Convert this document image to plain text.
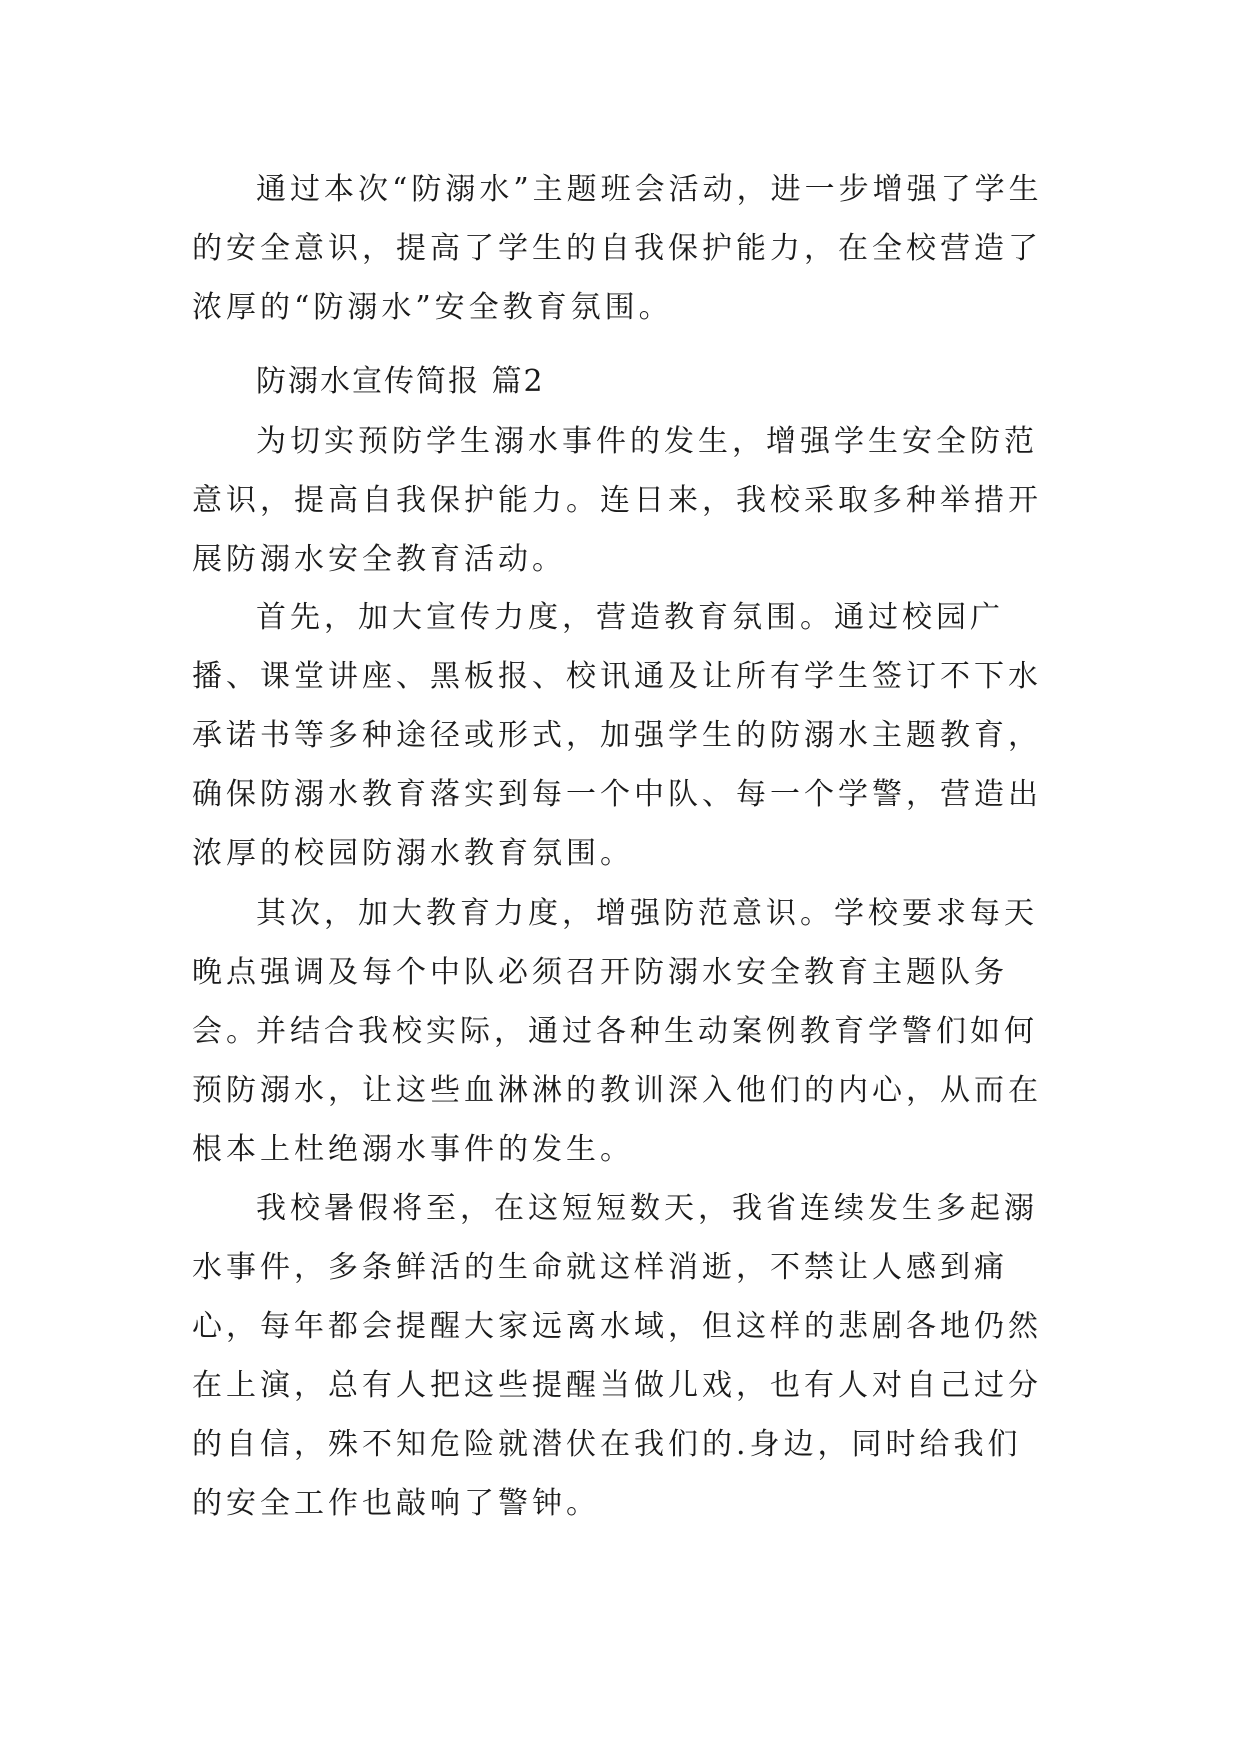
通过本次“防溺水”主题班会活动，进一步增强了学生的安全意识，提高了学生的自我保护能力，在全校营造了浓厚的“防溺水”安全教育氛围。

防溺水宣传简报 篇2

为切实预防学生溺水事件的发生，增强学生安全防范意识，提高自我保护能力。连日来，我校采取多种举措开展防溺水安全教育活动。

首先，加大宣传力度，营造教育氛围。通过校园广播、课堂讲座、黑板报、校讯通及让所有学生签订不下水承诺书等多种途径或形式，加强学生的防溺水主题教育，确保防溺水教育落实到每一个中队、每一个学警，营造出浓厚的校园防溺水教育氛围。

其次，加大教育力度，增强防范意识。学校要求每天晚点强调及每个中队必须召开防溺水安全教育主题队务会。

并结合我校实际，通过各种生动案例教育学警们如何预防溺水，让这些血淋淋的教训深入他们的内心，从而在根本上杜绝溺水事件的发生。

我校暑假将至，在这短短数天，我省连续发生多起溺水事件，多条鲜活的生命就这样消逝，不禁让人感到痛心，每年都会提醒大家远离水域，但这样的悲剧各地仍然在上演，总有人把这些提醒当做儿戏，也有人对自己过分的自信，殊不知危险就潜伏在我们的.身边，同时给我们的安全工作也敲响了警钟。
